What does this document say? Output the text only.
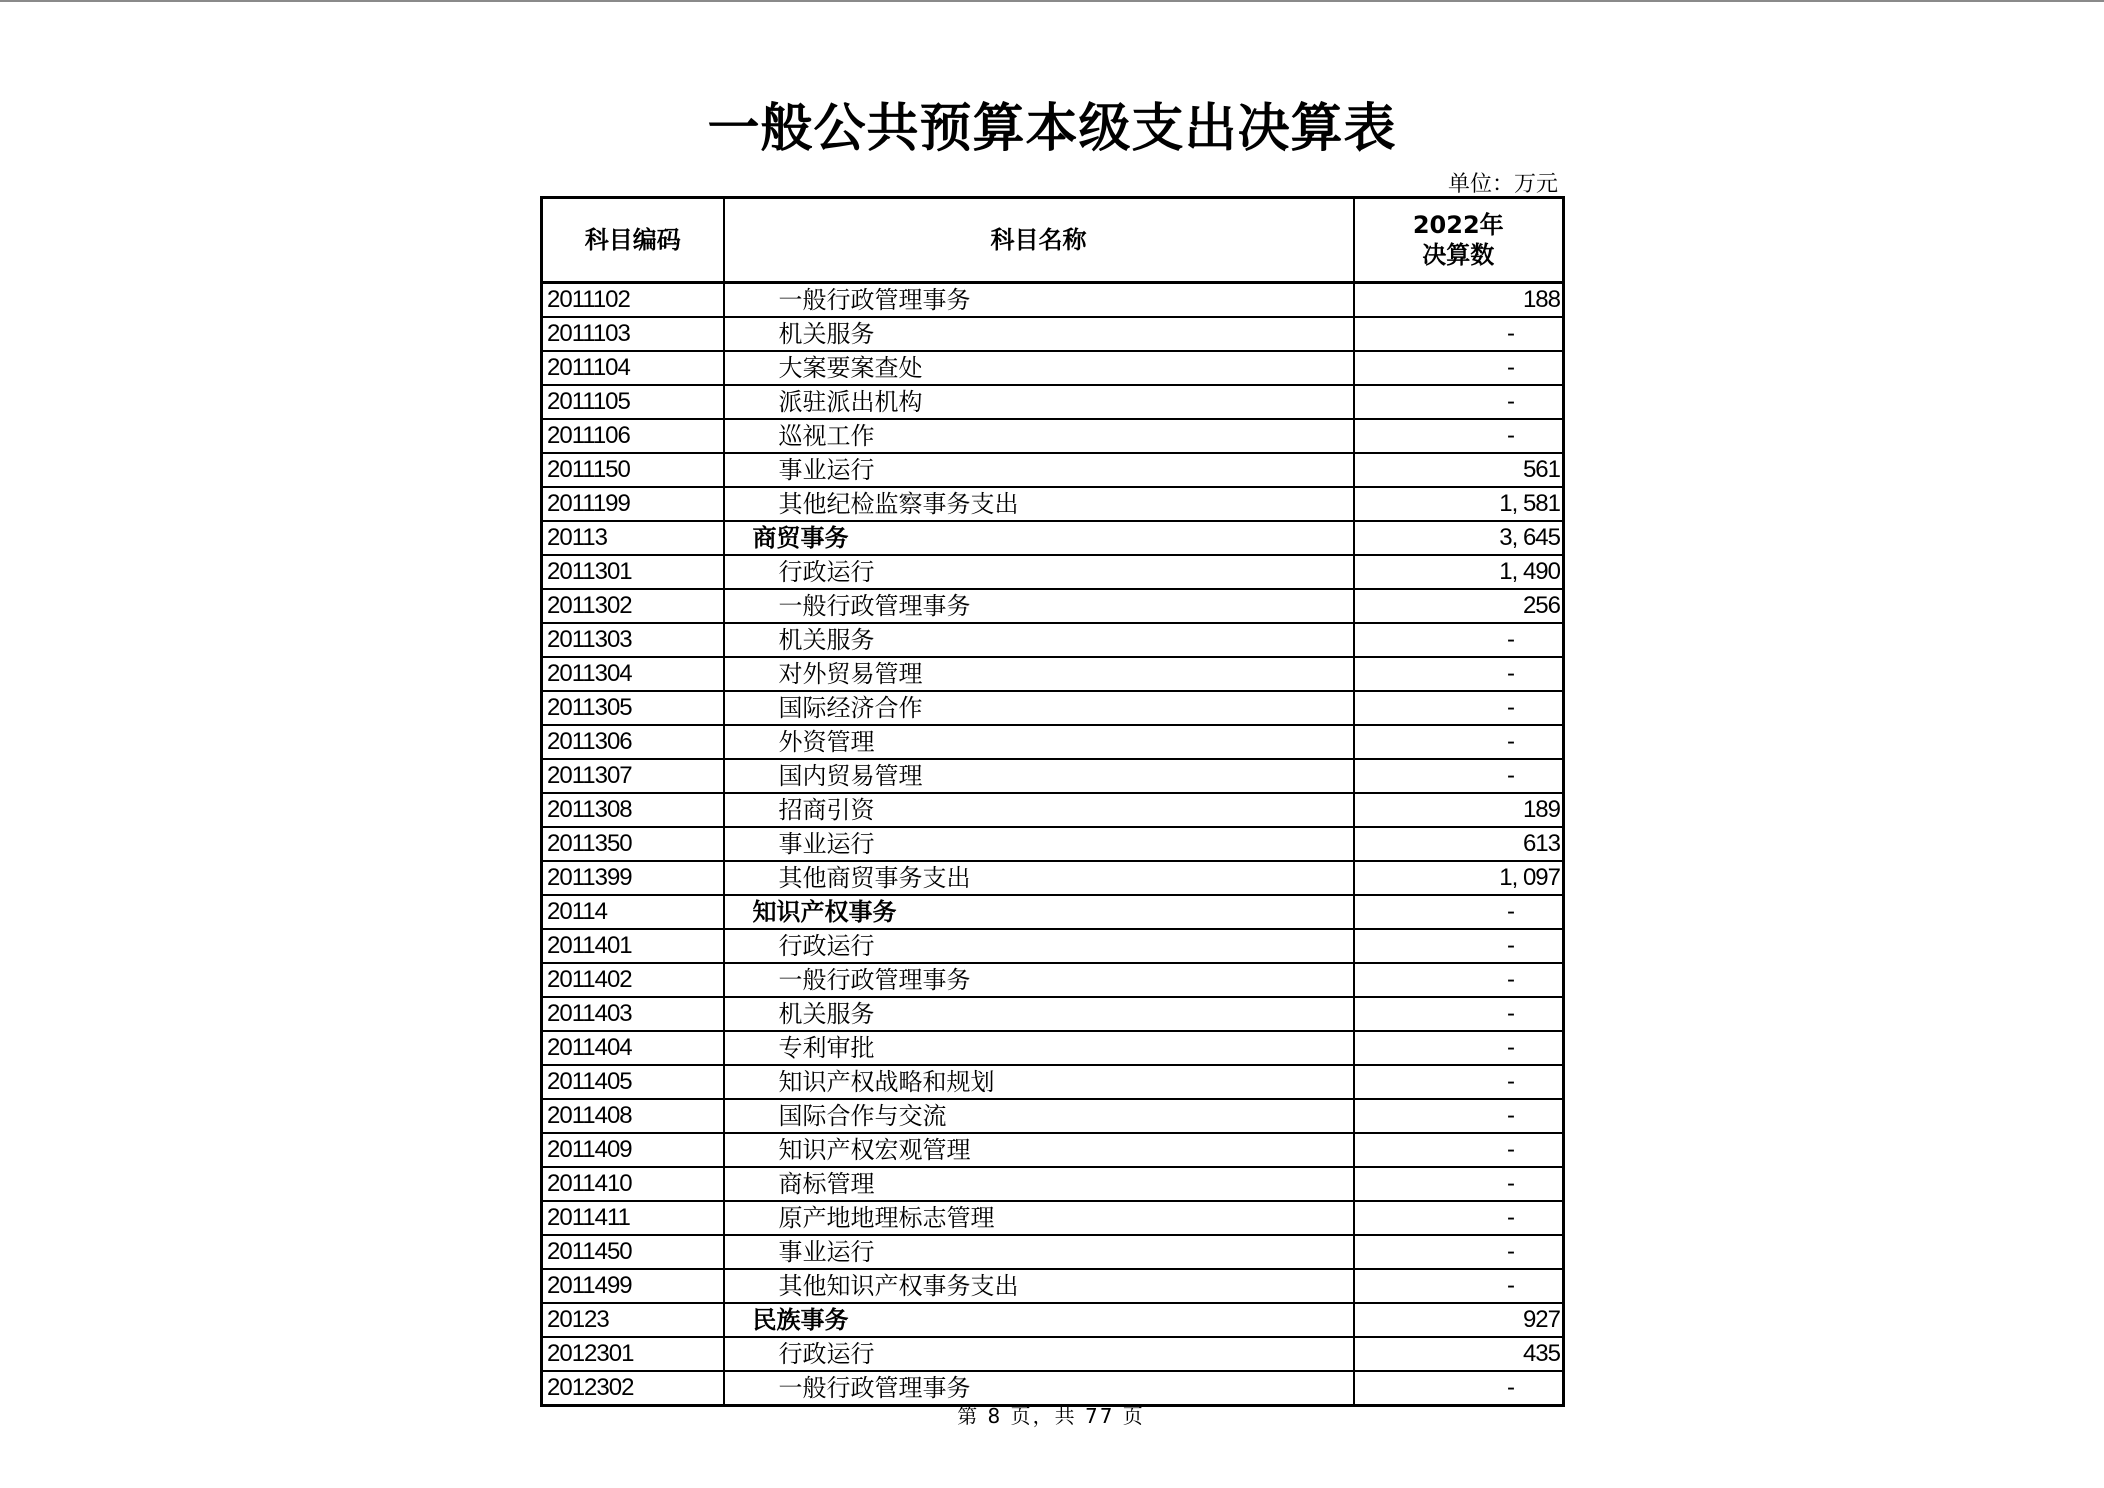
一般公共预算本级支出决算表
单位：万元
科目编码	科目名称	2022年
决算数

2011102	一般行政管理事务	188
2011103	机关服务	-
2011104	大案要案查处	-
2011105	派驻派出机构	-
2011106	巡视工作	-
2011150	事业运行	561
2011199	其他纪检监察事务支出	1, 581
20113	商贸事务	3, 645
2011301	行政运行	1, 490
2011302	一般行政管理事务	256
2011303	机关服务	-
2011304	对外贸易管理	-
2011305	国际经济合作	-
2011306	外资管理	-
2011307	国内贸易管理	-
2011308	招商引资	189
2011350	事业运行	613
2011399	其他商贸事务支出	1, 097
20114	知识产权事务	-
2011401	行政运行	-
2011402	一般行政管理事务	-
2011403	机关服务	-
2011404	专利审批	-
2011405	知识产权战略和规划	-
2011408	国际合作与交流	-
2011409	知识产权宏观管理	-
2011410	商标管理	-
2011411	原产地地理标志管理	-
2011450	事业运行	-
2011499	其他知识产权事务支出	-
20123	民族事务	927
2012301	行政运行	435
2012302	一般行政管理事务	-
第 8 页，共 77 页
